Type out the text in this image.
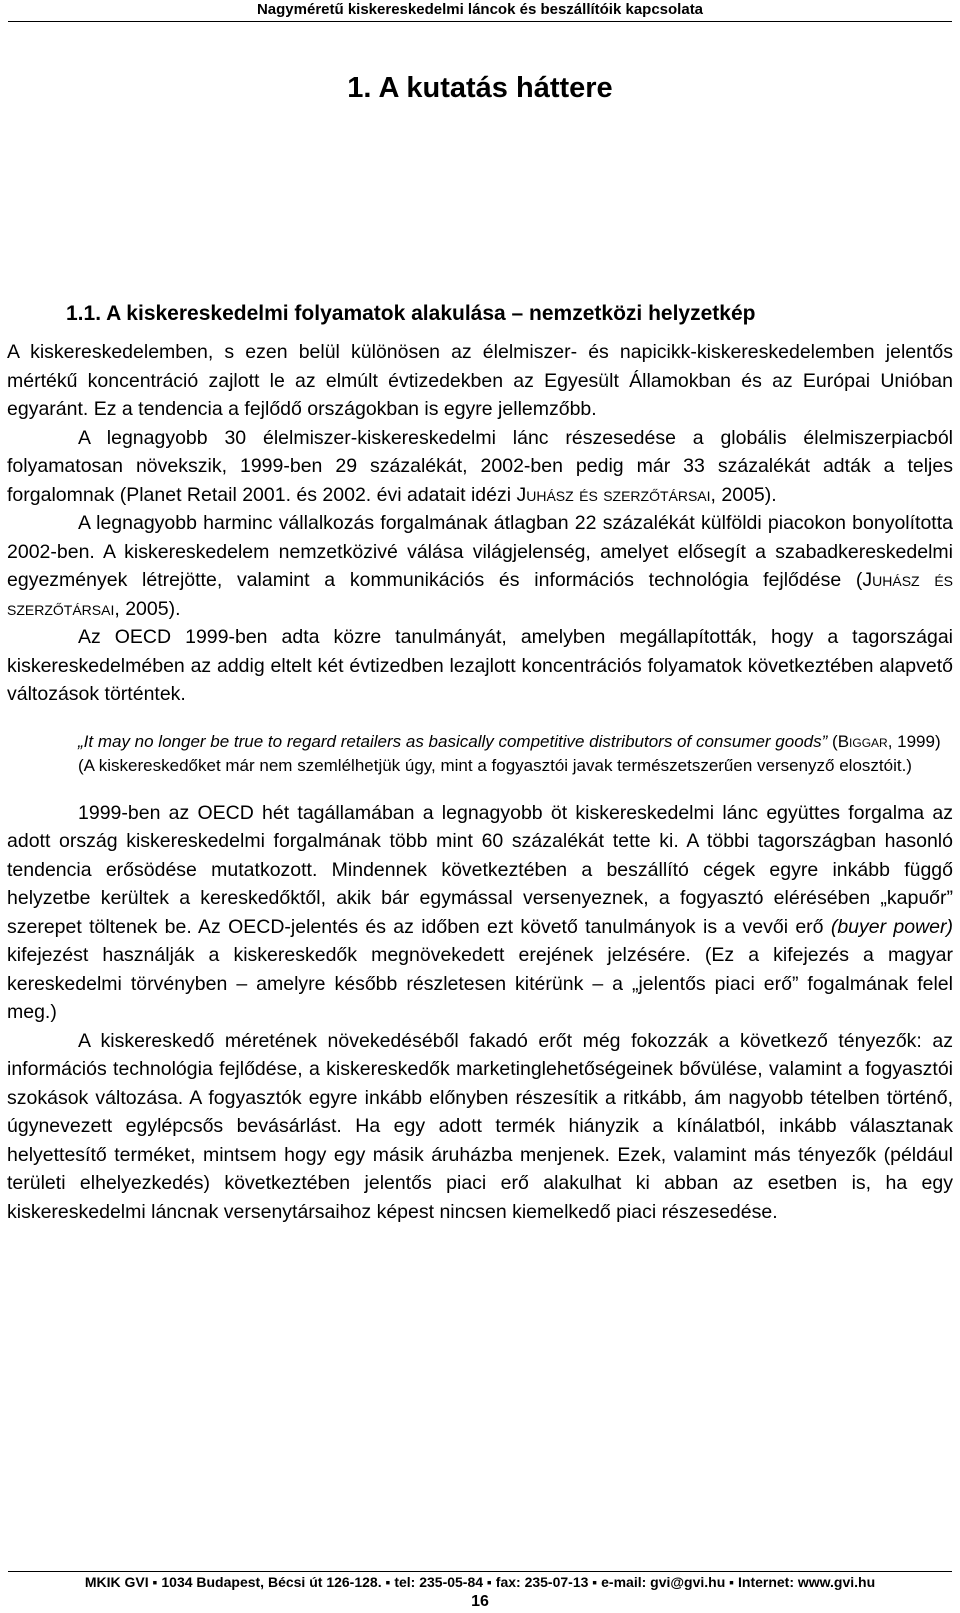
Nagyméretű kiskereskedelmi láncok és beszállítóik kapcsolata
1. A kutatás háttere
1.1. A kiskereskedelmi folyamatok alakulása – nemzetközi helyzetkép

A kiskereskedelemben, s ezen belül különösen az élelmiszer- és napicikk-kiskereskedelemben jelentős mértékű koncentráció zajlott le az elmúlt évtizedekben az Egyesült Államokban és az Európai Unióban egyaránt. Ez a tendencia a fejlődő országokban is egyre jellemzőbb.

A legnagyobb 30 élelmiszer-kiskereskedelmi lánc részesedése a globális élelmiszerpiacból folyamatosan növekszik, 1999-ben 29 százalékát, 2002-ben pedig már 33 százalékát adták a teljes forgalomnak (Planet Retail 2001. és 2002. évi adatait idézi Juhász és szerzőtársai, 2005).

A legnagyobb harminc vállalkozás forgalmának átlagban 22 százalékát külföldi piacokon bonyolította 2002-ben. A kiskereskedelem nemzetközivé válása világjelenség, amelyet elősegít a szabadkereskedelmi egyezmények létrejötte, valamint a kommunikációs és információs technológia fejlődése (Juhász és szerzőtársai, 2005).

Az OECD 1999-ben adta közre tanulmányát, amelyben megállapították, hogy a tagországai kiskereskedelmében az addig eltelt két évtizedben lezajlott koncentrációs folyamatok következtében alapvető változások történtek.

„It may no longer be true to regard retailers as basically competitive distributors of consumer goods” (Biggar, 1999)
(A kiskereskedőket már nem szemlélhetjük úgy, mint a fogyasztói javak természetszerűen versenyző elosztóit.)

1999-ben az OECD hét tagállamában a legnagyobb öt kiskereskedelmi lánc együttes forgalma az adott ország kiskereskedelmi forgalmának több mint 60 százalékát tette ki. A többi tagországban hasonló tendencia erősödése mutatkozott. Mindennek következtében a beszállító cégek egyre inkább függő helyzetbe kerültek a kereskedőktől, akik bár egymással versenyeznek, a fogyasztó elérésében „kapuőr” szerepet töltenek be. Az OECD-jelentés és az időben ezt követő tanulmányok is a vevői erő (buyer power) kifejezést használják a kiskereskedők megnövekedett erejének jelzésére. (Ez a kifejezés a magyar kereskedelmi törvényben – amelyre később részletesen kitérünk – a „jelentős piaci erő” fogalmának felel meg.)

A kiskereskedő méretének növekedéséből fakadó erőt még fokozzák a következő tényezők: az információs technológia fejlődése, a kiskereskedők marketinglehetőségeinek bővülése, valamint a fogyasztói szokások változása. A fogyasztók egyre inkább előnyben részesítik a ritkább, ám nagyobb tételben történő, úgynevezett egylépcsős bevásárlást. Ha egy adott termék hiányzik a kínálatból, inkább választanak helyettesítő terméket, mintsem hogy egy másik áruházba menjenek. Ezek, valamint más tényezők (például területi elhelyezkedés) következtében jelentős piaci erő alakulhat ki abban az esetben is, ha egy kiskereskedelmi láncnak versenytársaihoz képest nincsen kiemelkedő piaci részesedése.

MKIK GVI ▪ 1034 Budapest, Bécsi út 126-128. ▪ tel: 235-05-84 ▪ fax: 235-07-13 ▪ e-mail: gvi@gvi.hu ▪ Internet: www.gvi.hu
16
